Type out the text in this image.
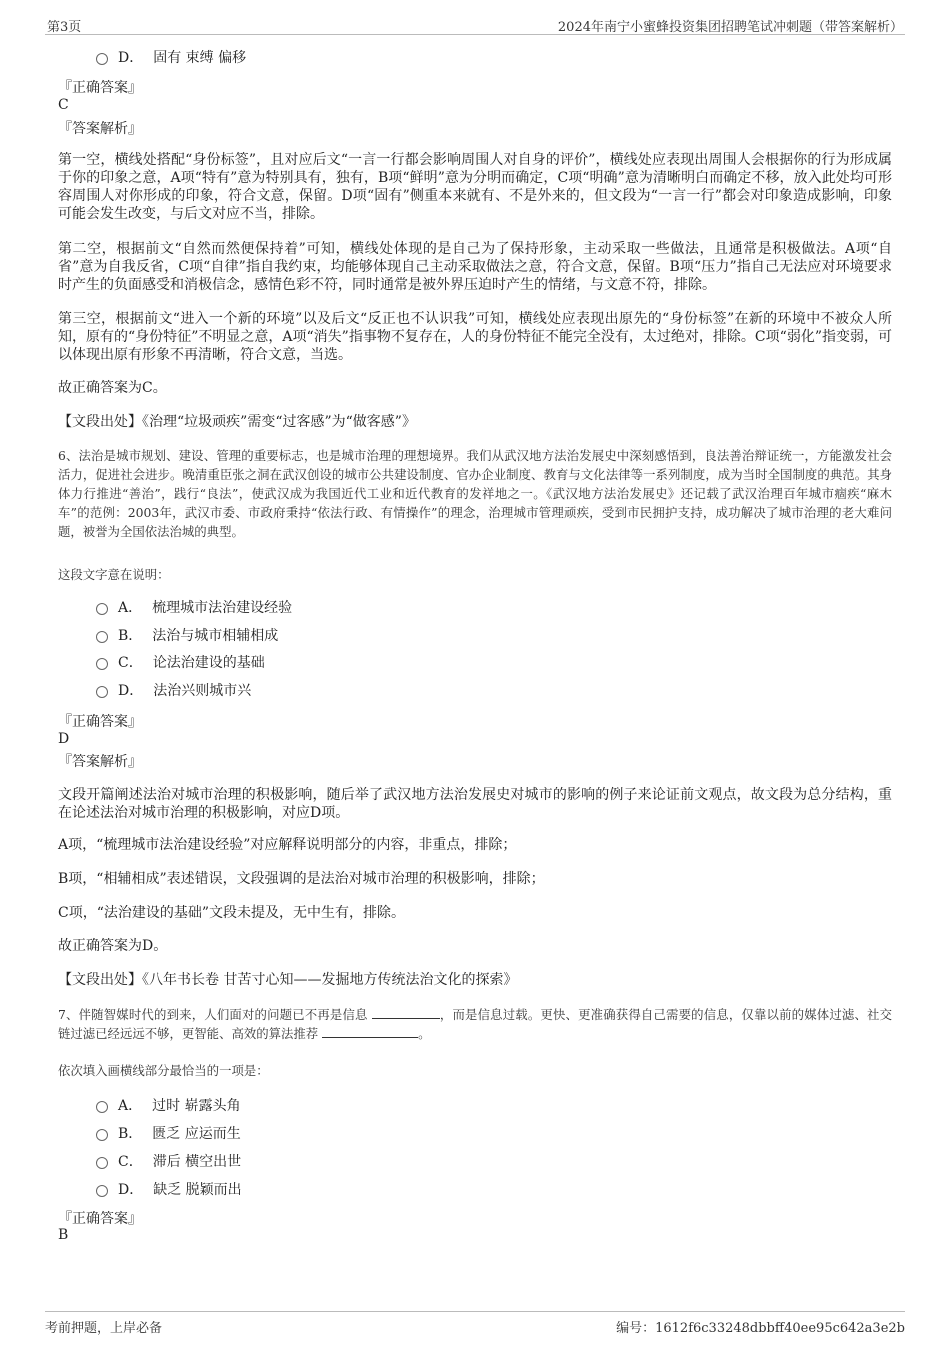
第3页	2024年南宁小蜜蜂投资集团招聘笔试冲刺题（带答案解析）
D． 固有 束缚 偏移
『正确答案』
C
『答案解析』

第一空，横线处搭配“身份标签”，且对应后文“一言一行都会影响周围人对自身的评价”，横线处应表现出周围人会根据你的行为形成属于你的印象之意，A项“特有”意为特别具有，独有，B项“鲜明”意为分明而确定，C项“明确”意为清晰明白而确定不移，放入此处均可形容周围人对你形成的印象，符合文意，保留。D项“固有”侧重本来就有、不是外来的，但文段为“一言一行”都会对印象造成影响，印象可能会发生改变，与后文对应不当，排除。

第二空，根据前文“自然而然便保持着”可知，横线处体现的是自己为了保持形象，主动采取一些做法，且通常是积极做法。A项“自省”意为自我反省，C项“自律”指自我约束，均能够体现自己主动采取做法之意，符合文意，保留。B项“压力”指自己无法应对环境要求时产生的负面感受和消极信念，感情色彩不符，同时通常是被外界压迫时产生的情绪，与文意不符，排除。

第三空，根据前文“进入一个新的环境”以及后文“反正也不认识我”可知，横线处应表现出原先的“身份标签”在新的环境中不被众人所知，原有的“身份特征”不明显之意，A项“消失”指事物不复存在，人的身份特征不能完全没有，太过绝对，排除。C项“弱化”指变弱，可以体现出原有形象不再清晰，符合文意，当选。

故正确答案为C。

【文段出处】《治理“垃圾顽疾”需变“过客感”为“做客感”》

6、法治是城市规划、建设、管理的重要标志，也是城市治理的理想境界。我们从武汉地方法治发展史中深刻感悟到，良法善治辩证统一，方能激发社会活力，促进社会进步。晚清重臣张之洞在武汉创设的城市公共建设制度、官办企业制度、教育与文化法律等一系列制度，成为当时全国制度的典范。其身体力行推进“善治”，践行“良法”，使武汉成为我国近代工业和近代教育的发祥地之一。《武汉地方法治发展史》还记载了武汉治理百年城市痼疾“麻木车”的范例：2003年，武汉市委、市政府秉持“依法行政、有情操作”的理念，治理城市管理顽疾，受到市民拥护支持，成功解决了城市治理的老大难问题，被誉为全国依法治城的典型。

这段文字意在说明：
A． 梳理城市法治建设经验
B． 法治与城市相辅相成
C． 论法治建设的基础
D． 法治兴则城市兴
『正确答案』
D
『答案解析』

文段开篇阐述法治对城市治理的积极影响，随后举了武汉地方法治发展史对城市的影响的例子来论证前文观点，故文段为总分结构，重在论述法治对城市治理的积极影响，对应D项。

A项，“梳理城市法治建设经验”对应解释说明部分的内容，非重点，排除；

B项，“相辅相成”表述错误，文段强调的是法治对城市治理的积极影响，排除；

C项，“法治建设的基础”文段未提及，无中生有，排除。

故正确答案为D。

【文段出处】《八年书长卷 甘苦寸心知——发掘地方传统法治文化的探索》

7、伴随智媒时代的到来，人们面对的问题已不再是信息	，而是信息过载。更快、更准确获得自己需要的信息，仅靠以前的媒体过滤、社交链过滤已经远远不够，更智能、高效的算法推荐	。

依次填入画横线部分最恰当的一项是：
A． 过时 崭露头角
B． 匮乏 应运而生
C． 滞后 横空出世
D． 缺乏 脱颖而出
『正确答案』
B
考前押题，上岸必备	编号：1612f6c33248dbbff40ee95c642a3e2b
